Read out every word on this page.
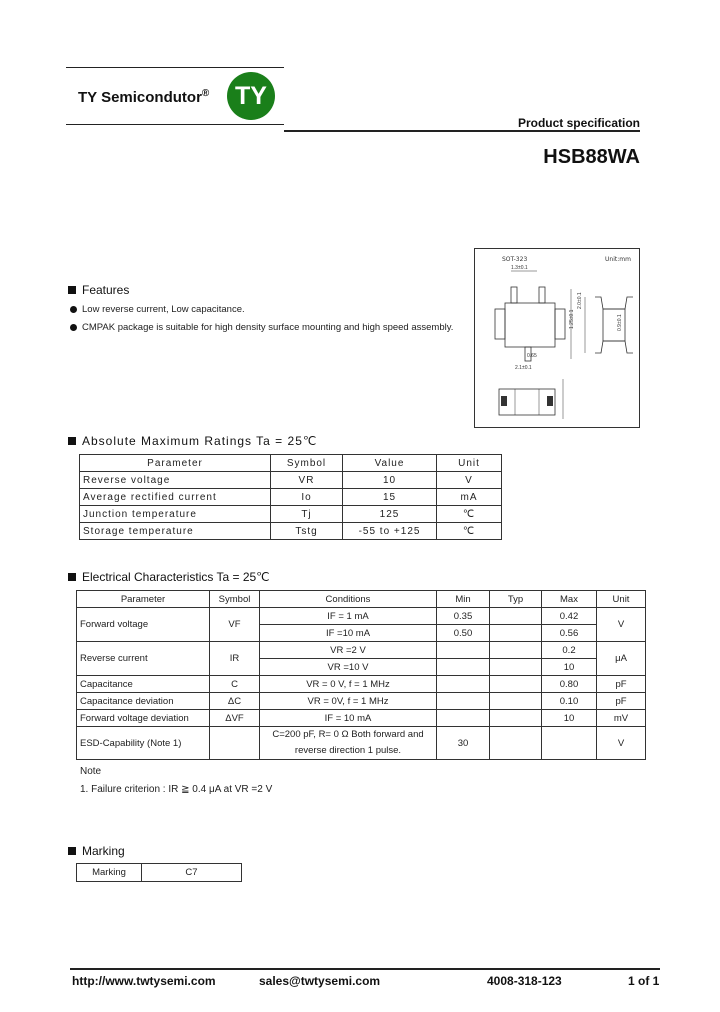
TY Semicondutor® TY
Product specification
HSB88WA
SOT-323	Unit:mm
1.3±0.1
1.25±0.1
2.1±0.1
0.65
2.0±0.1
0.9±0.1
Features
Low reverse current, Low capacitance.
CMPAK package is suitable for high density surface mounting and high speed assembly.
Absolute Maximum Ratings Ta = 25℃
Parameter	Symbol	Value	Unit
Reverse voltage	VR	10	V
Average rectified current	Io	15	mA
Junction temperature	Tj	125	℃
Storage temperature	Tstg	-55 to +125	℃
Electrical Characteristics Ta = 25℃
Parameter	Symbol	Conditions	Min	Typ	Max	Unit
Forward voltage	VF	IF = 1 mA	0.35		0.42	V
		IF =10 mA	0.50		0.56	
Reverse current	IR	VR =2 V			0.2	μA
		VR =10 V			10	
Capacitance	C	VR = 0 V, f = 1 MHz			0.80	pF
Capacitance deviation	ΔC	VR = 0V, f = 1 MHz			0.10	pF
Forward voltage deviation	ΔVF	IF = 10 mA			10	mV
ESD-Capability (Note 1)		C=200 pF, R= 0 Ω Both forward and
reverse direction 1 pulse.	30			V
Note
1. Failure criterion : IR ≧ 0.4 μA at VR =2 V
Marking
Marking	C7
http://www.twtysemi.com	sales@twtysemi.com	4008-318-123	1 of 1
